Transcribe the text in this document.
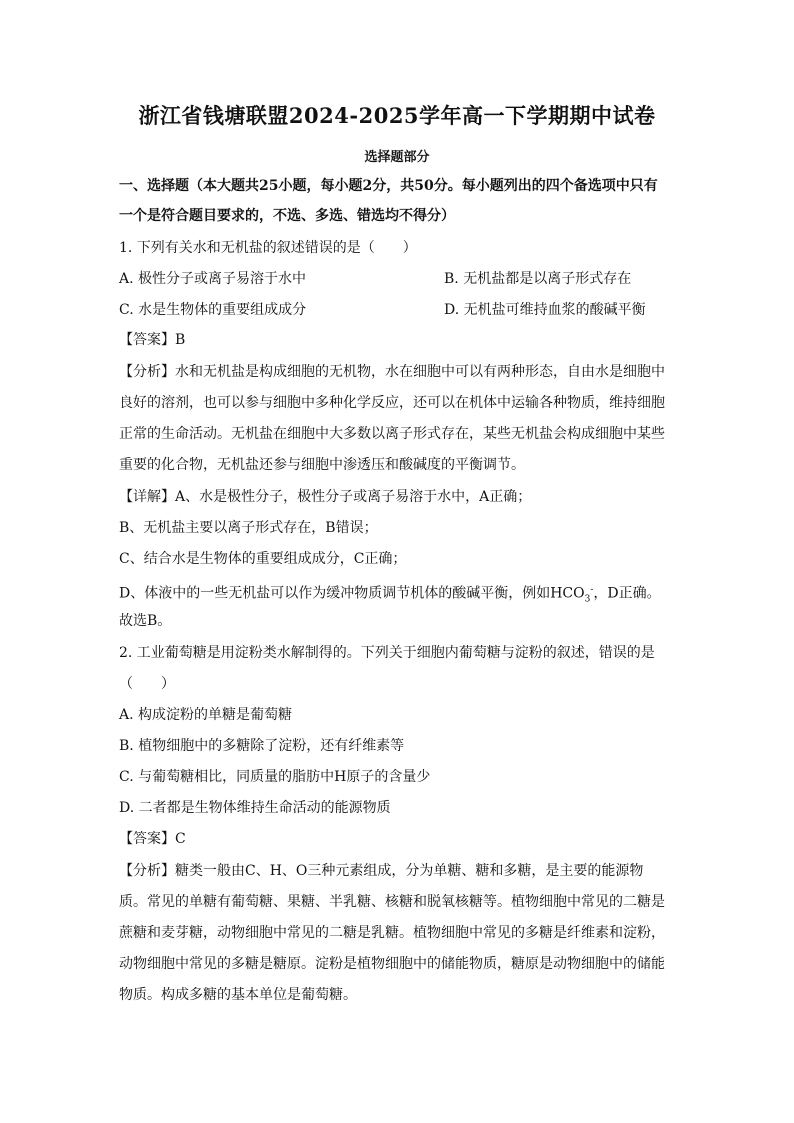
浙江省钱塘联盟2024-2025学年高一下学期期中试卷
选择题部分
一、选择题（本大题共25小题，每小题2分，共50分。每小题列出的四个备选项中只有
一个是符合题目要求的，不选、多选、错选均不得分）
1. 下列有关水和无机盐的叙述错误的是（　　）
A. 极性分子或离子易溶于水中	B. 无机盐都是以离子形式存在
C. 水是生物体的重要组成成分	D. 无机盐可维持血浆的酸碱平衡
【答案】B
【分析】水和无机盐是构成细胞的无机物，水在细胞中可以有两种形态，自由水是细胞中
良好的溶剂，也可以参与细胞中多种化学反应，还可以在机体中运输各种物质，维持细胞
正常的生命活动。无机盐在细胞中大多数以离子形式存在，某些无机盐会构成细胞中某些
重要的化合物，无机盐还参与细胞中渗透压和酸碱度的平衡调节。
【详解】A、水是极性分子，极性分子或离子易溶于水中，A正确；
B、无机盐主要以离子形式存在，B错误；
C、结合水是生物体的重要组成成分，C正确；
D、体液中的一些无机盐可以作为缓冲物质调节机体的酸碱平衡，例如$HCO_3^-$，D正确。
故选B。
2. 工业葡萄糖是用淀粉类水解制得的。下列关于细胞内葡萄糖与淀粉的叙述，错误的是
（　　）
A. 构成淀粉的单糖是葡萄糖
B. 植物细胞中的多糖除了淀粉，还有纤维素等
C. 与葡萄糖相比，同质量的脂肪中H原子的含量少
D. 二者都是生物体维持生命活动的能源物质
【答案】C
【分析】糖类一般由C、H、O三种元素组成，分为单糖、糖和多糖，是主要的能源物
质。常见的单糖有葡萄糖、果糖、半乳糖、核糖和脱氧核糖等。植物细胞中常见的二糖是
蔗糖和麦芽糖，动物细胞中常见的二糖是乳糖。植物细胞中常见的多糖是纤维素和淀粉，
动物细胞中常见的多糖是糖原。淀粉是植物细胞中的储能物质，糖原是动物细胞中的储能
物质。构成多糖的基本单位是葡萄糖。
